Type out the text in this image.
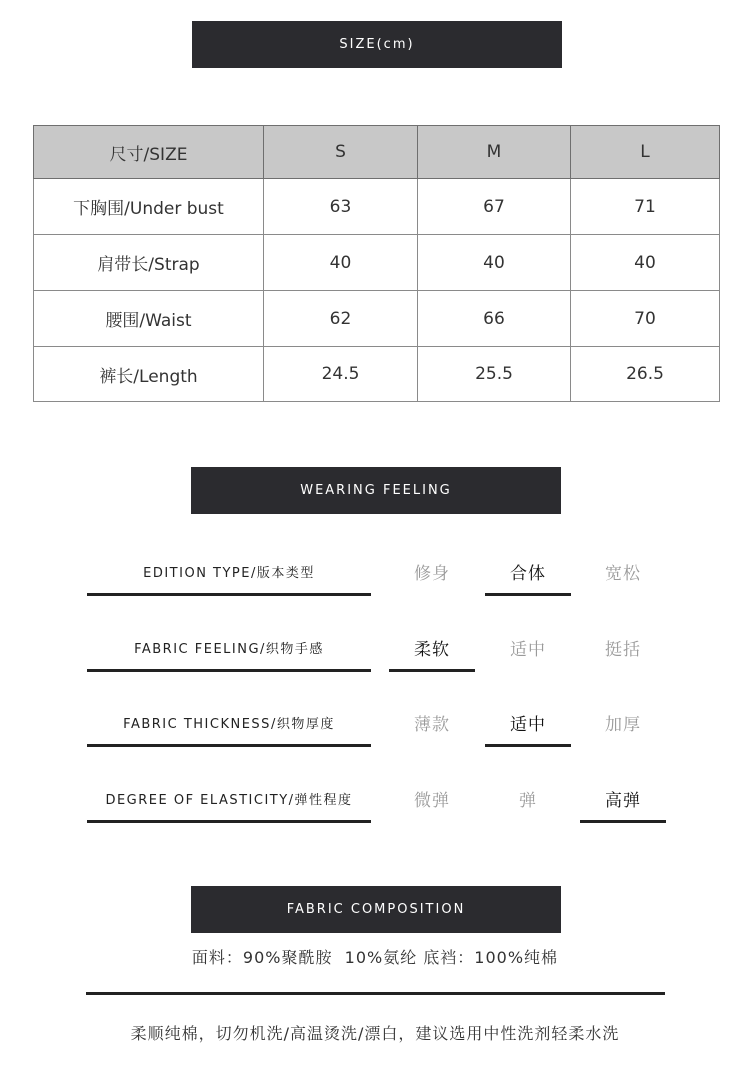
SIZE(cm)
尺寸/SIZE	S	M	L
下胸围/Under bust	63	67	71
肩带长/Strap	40	40	40
腰围/Waist	62	66	70
裤长/Length	24.5	25.5	26.5
WEARING FEELING
EDITION TYPE/版本类型	修身	合体	宽松
FABRIC FEELING/织物手感	柔软	适中	挺括
FABRIC THICKNESS/织物厚度	薄款	适中	加厚
DEGREE OF ELASTICITY/弹性程度	微弹	弹	高弹
FABRIC COMPOSITION
面料：90%聚酰胺  10%氨纶 底裆：100%纯棉
柔顺纯棉，切勿机洗/高温烫洗/漂白，建议选用中性洗剂轻柔水洗
